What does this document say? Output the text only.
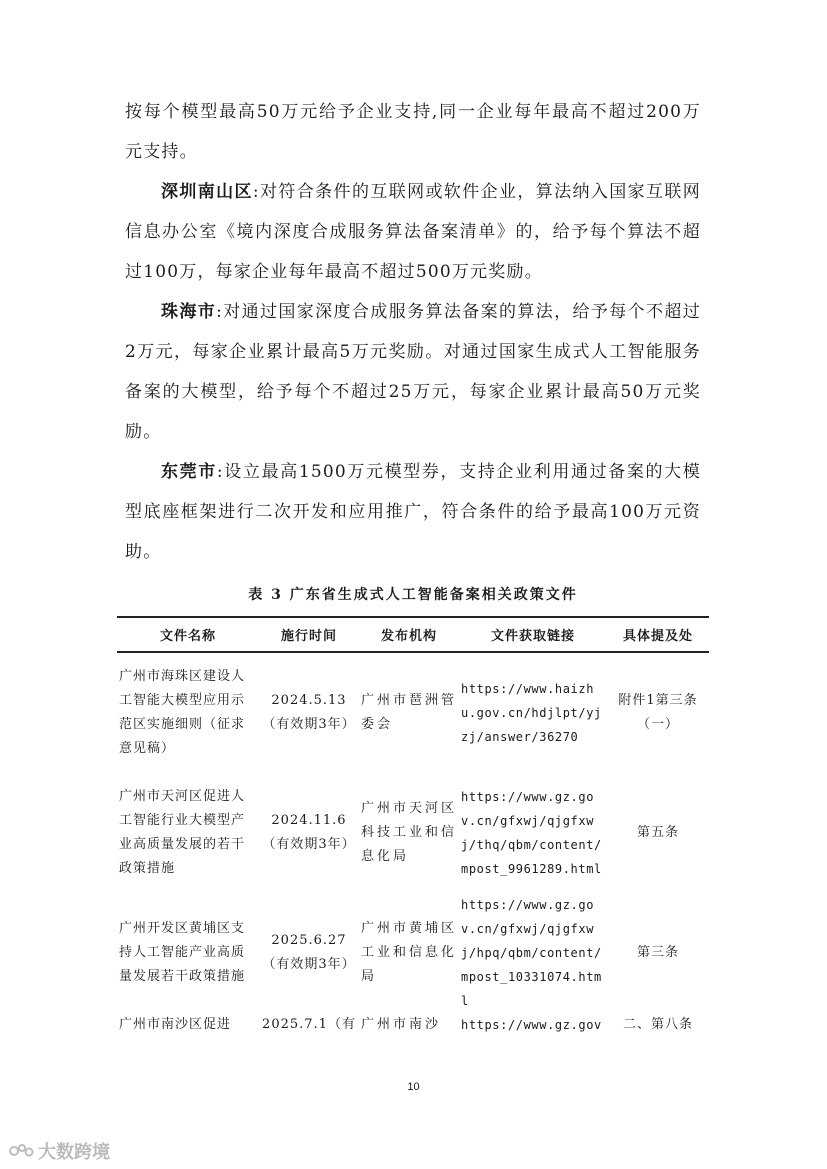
按每个模型最高50万元给予企业支持,同一企业每年最高不超过200万元支持。

深圳南山区:对符合条件的互联网或软件企业，算法纳入国家互联网信息办公室《境内深度合成服务算法备案清单》的，给予每个算法不超过100万，每家企业每年最高不超过500万元奖励。

珠海市:对通过国家深度合成服务算法备案的算法，给予每个不超过2万元，每家企业累计最高5万元奖励。对通过国家生成式人工智能服务备案的大模型，给予每个不超过25万元，每家企业累计最高50万元奖励。

东莞市:设立最高1500万元模型券，支持企业利用通过备案的大模型底座框架进行二次开发和应用推广，符合条件的给予最高100万元资助。

表 3 广东省生成式人工智能备案相关政策文件
文件名称	施行时间	发布机构	文件获取链接	具体提及处
广州市海珠区建设人工智能大模型应用示范区实施细则（征求意见稿）	2024.5.13（有效期3年）	广州市琶洲管委会	https://www.haizhu.gov.cn/hdjlpt/yjzj/answer/36270	附件1第三条（一）
广州市天河区促进人工智能行业大模型产业高质量发展的若干政策措施	2024.11.6（有效期3年）	广州市天河区科技工业和信息化局	https://www.gz.gov.cn/gfxwj/qjgfxwj/thq/qbm/content/mpost_9961289.html	第五条
广州开发区黄埔区支持人工智能产业高质量发展若干政策措施	2025.6.27（有效期3年）	广州市黄埔区工业和信息化局	https://www.gz.gov.cn/gfxwj/qjgfxwj/hpq/qbm/content/mpost_10331074.html	第三条
广州市南沙区促进	2025.7.1（有	广州市南沙	https://www.gz.gov	二、第八条
10
大数跨境
